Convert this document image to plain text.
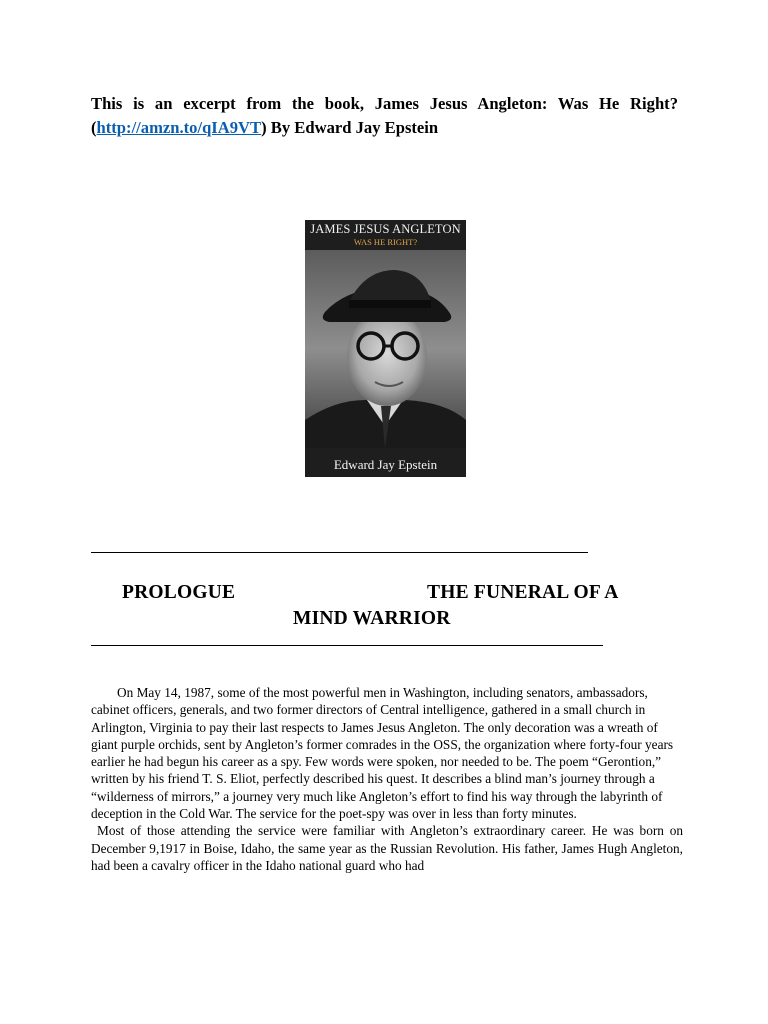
This is an excerpt from the book, James Jesus Angleton: Was He Right? (http://amzn.to/qIA9VT) By Edward Jay Epstein
JAMES JESUS ANGLETON
WAS HE RIGHT?
Edward Jay Epstein
PROLOGUE	THE FUNERAL OF A
MIND WARRIOR

On May 14, 1987, some of the most powerful men in Washington, including senators, ambassadors, cabinet officers, generals, and two former directors of Central intelligence, gathered in a small church in Arlington, Virginia to pay their last respects to James Jesus Angleton. The only decoration was a wreath of giant purple orchids, sent by Angleton’s former comrades in the OSS, the organization where forty-four years earlier he had begun his career as a spy. Few words were spoken, nor needed to be. The poem “Gerontion,” written by his friend T. S. Eliot, perfectly described his quest. It describes a blind man’s journey through a “wilderness of mirrors,” a journey very much like Angleton’s effort to find his way through the labyrinth of deception in the Cold War. The service for the poet-spy was over in less than forty minutes.

Most of those attending the service were familiar with Angleton’s extraordinary career. He was born on December 9,1917 in Boise, Idaho, the same year as the Russian Revolution. His father, James Hugh Angleton, had been a cavalry officer in the Idaho national guard who had
